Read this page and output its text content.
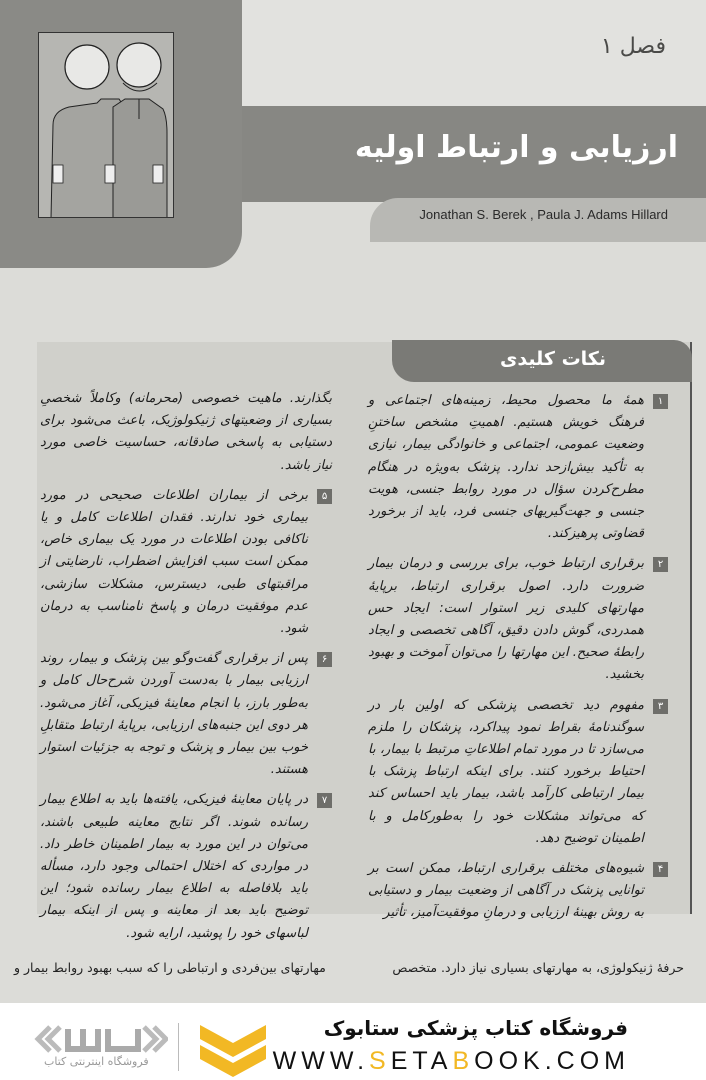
فصل ۱
ارزیابی و ارتباط اولیه
Jonathan S. Berek , Paula J. Adams Hillard
نکات کلیدی
۱
همهٔ ما محصول محیط، زمینه‌های اجتماعی و فرهنگ خویش هستیم. اهمیتِ مشخص ساختنِ وضعیت عمومی، اجتماعی و خانوادگی بیمار، نیازی به تأکید بیش‌ازحد ندارد. پزشک به‌ویژه در هنگام مطرح‌کردن سؤال در مورد روابط جنسی، هویت جنسی و جهت‌گیریهای جنسی فرد، باید از برخورد قضاوتی پرهیزکند.
۲
برقراری ارتباط خوب، برای بررسی و درمان بیمار ضرورت دارد. اصول برقراری ارتباط، برپایهٔ مهارتهای کلیدی زیر استوار است: ایجاد حس همدردی، گوش دادن دقیق، آگاهی تخصصی و ایجاد رابطهٔ صحیح. این مهارتها را می‌توان آموخت و بهبود بخشید.
۳
مفهوم دید تخصصی پزشکی که اولین بار در سوگندنامهٔ بقراط نمود پیداکرد، پزشکان را ملزم می‌سازد تا در مورد تمام اطلاعاتِ مرتبط با بیمار، با احتیاط برخورد کنند. برای اینکه ارتباط پزشک با بیمار ارتباطی کارآمد باشد، بیمار باید احساس کند که می‌تواند مشکلات خود را به‌طورکامل و با اطمینان توضیح دهد.
۴
شیوه‌های مختلف برقراری ارتباط، ممکن است بر توانایی پزشک در آگاهی از وضعیت بیمار و دستیابی به روش بهینهٔ ارزیابی و درمانِ موفقیت‌آمیز، تأثیر
بگذارند. ماهیت خصوصی (محرمانه) وکاملاً شخصیِ بسیاری از وضعیتهای ژنیکولوژیک، باعث می‌شود برای دستیابی به پاسخی صادقانه، حساسیت خاصی مورد نیاز باشد.
۵
برخی از بیماران اطلاعات صحیحی در مورد بیماری خود ندارند. فقدان اطلاعات کامل و یا ناکافی بودن اطلاعات در مورد یک بیماری خاص، ممکن است سبب افزایش اضطراب، نارضایتی از مراقبتهای طبی، دیسترس، مشکلات سازشی، عدم موفقیت درمان و پاسخ نامناسب به درمان شود.
۶
پس از برقراری گفت‌وگو بین پزشک و بیمار، روند ارزیابی بیمار با به‌دست آوردن شرح‌حال کامل و به‌طور بارز، با انجام معاینهٔ فیزیکی، آغاز می‌شود. هر دوی این جنبه‌های ارزیابی، برپایهٔ ارتباط متقابلِ خوب بین بیمار و پزشک و توجه به جزئیات استوار هستند.
۷
در پایان معاینهٔ فیزیکی، یافته‌ها باید به اطلاع بیمار رسانده شوند. اگر نتایج معاینه طبیعی باشند، می‌توان در این مورد به بیمار اطمینان خاطر داد. در مواردی که اختلال احتمالی وجود دارد، مسأله باید بلافاصله به اطلاع بیمار رسانده شود؛ این توضیح باید بعد از معاینه و پس از اینکه بیمار لباسهای خود را پوشید، ارایه شود.
حرفهٔ ژنیکولوژی، به مهارتهای بسیاری نیاز دارد. متخصص
مهارتهای بین‌فردی و ارتباطی را که سبب بهبود روابط بیمار و
فروشگاه کتاب پزشکی ستابوک
WWW.SETABOOK.COM
فروشگاه اینترنتی کتاب
